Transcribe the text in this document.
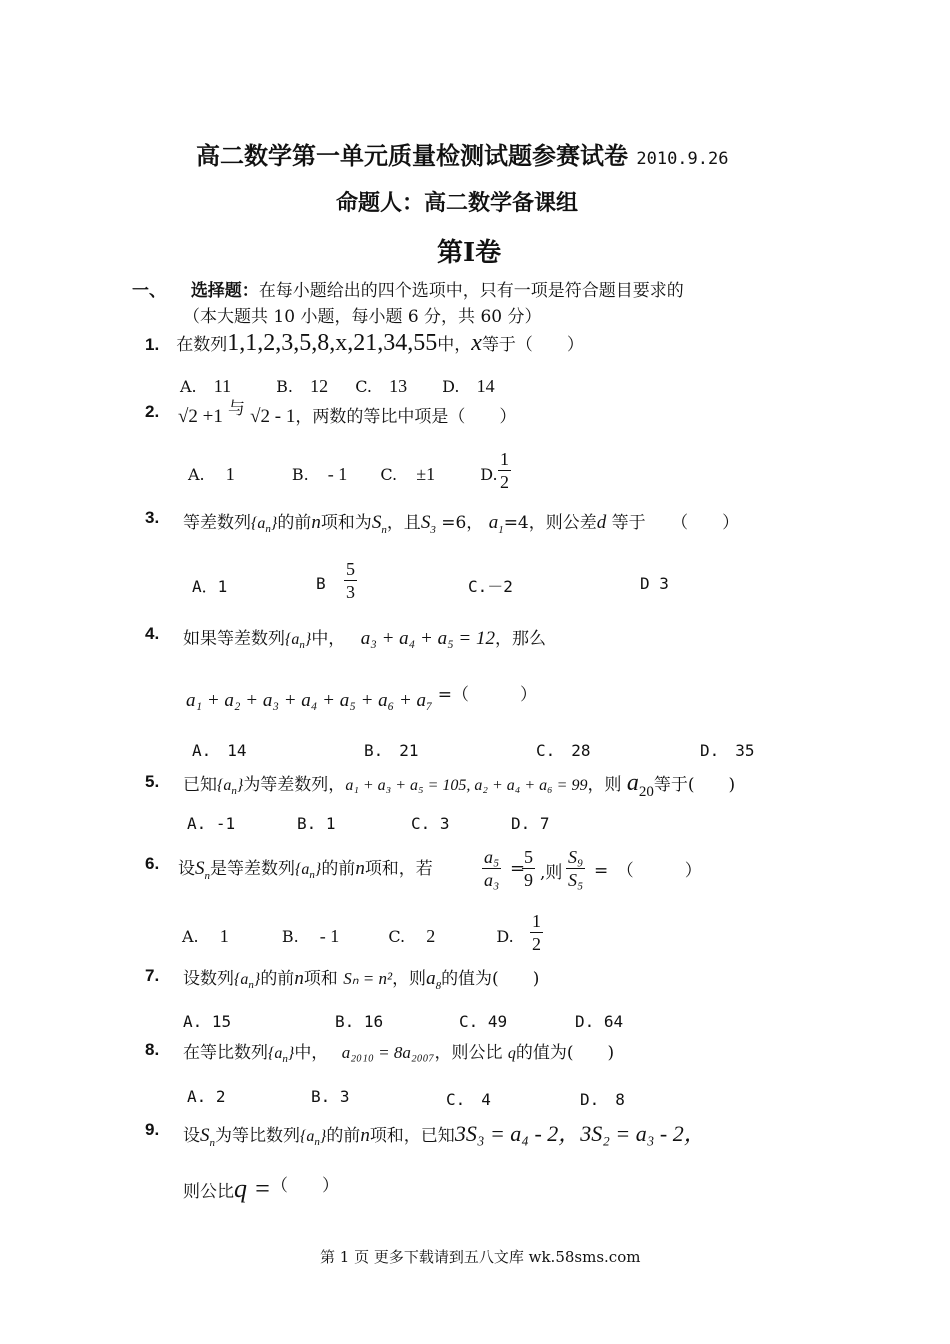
高二数学第一单元质量检测试题参赛试卷 2010.9.26
命题人：高二数学备课组
第Ⅰ卷
一、 选择题：在每小题给出的四个选项中，只有一项是符合题目要求的
（本大题共 10 小题，每小题 6 分，共 60 分）
1. 在数列1,1,2,3,5,8,x,21,34,55中，x等于（　　）
A. 11	B. 12 C. 13 D. 14
2. √2 +1 与 √2 - 1，两数的等比中项是（　　）
A. 1	B. - 1 C. ±1	D. $\frac{1}{2}$
3. 等差数列$\{a_n\}$的前n项和为$S_n$，且$S_3 =6$， $a_1=4$，则公差d 等于　　（　　）
A．1	B $\frac{5}{3}$	C.－2	D 3
4. 如果等差数列$\{a_n\}$中， a₃ + a₄ + a₅ = 12，那么
a₁ + a₂ + a₃ + a₄ + a₅ + a₆ + a₇ =（　　　）
A.　14	B.　21	C.　28	D.　35
5. 已知$\{a_n\}$为等差数列，a₁ + a₃ + a₅ = 105, a₂ + a₄ + a₆ = 99，则 $a_{20}$等于(　　)
A. -1	B. 1	C. 3	D. 7
6. 设$S_n$是等差数列$\{a_n\}$的前n项和，若	$\frac{\text{a₅}}{\text{a₃}}$ =
$\frac{5}{9}$ ,则 $\frac{\text{S₉}}{\text{S₅}}$ =　（　　　）
A. 1	B. - 1	C. 2	D. $\frac{1}{2}$
7. 设数列$\{a_n\}$的前n项和 Sₙ = n²，则$a_8$的值为(　　)
A. 15	B. 16	C. 49	D. 64
8. 在等比数列$\{a_n\}$中， a₂₀₁₀ = 8a₂₀₀₇，则公比 q的值为(　　)
A. 2	B. 3	C.　4	D.　8
9. 设$S_n$为等比数列$\{a_n\}$的前n项和，已知3S₃ = a₄ - 2，3S₂ = a₃ - 2，
则公比q =（　　）
第 1 页 更多下载请到五八文库 wk.58sms.com
